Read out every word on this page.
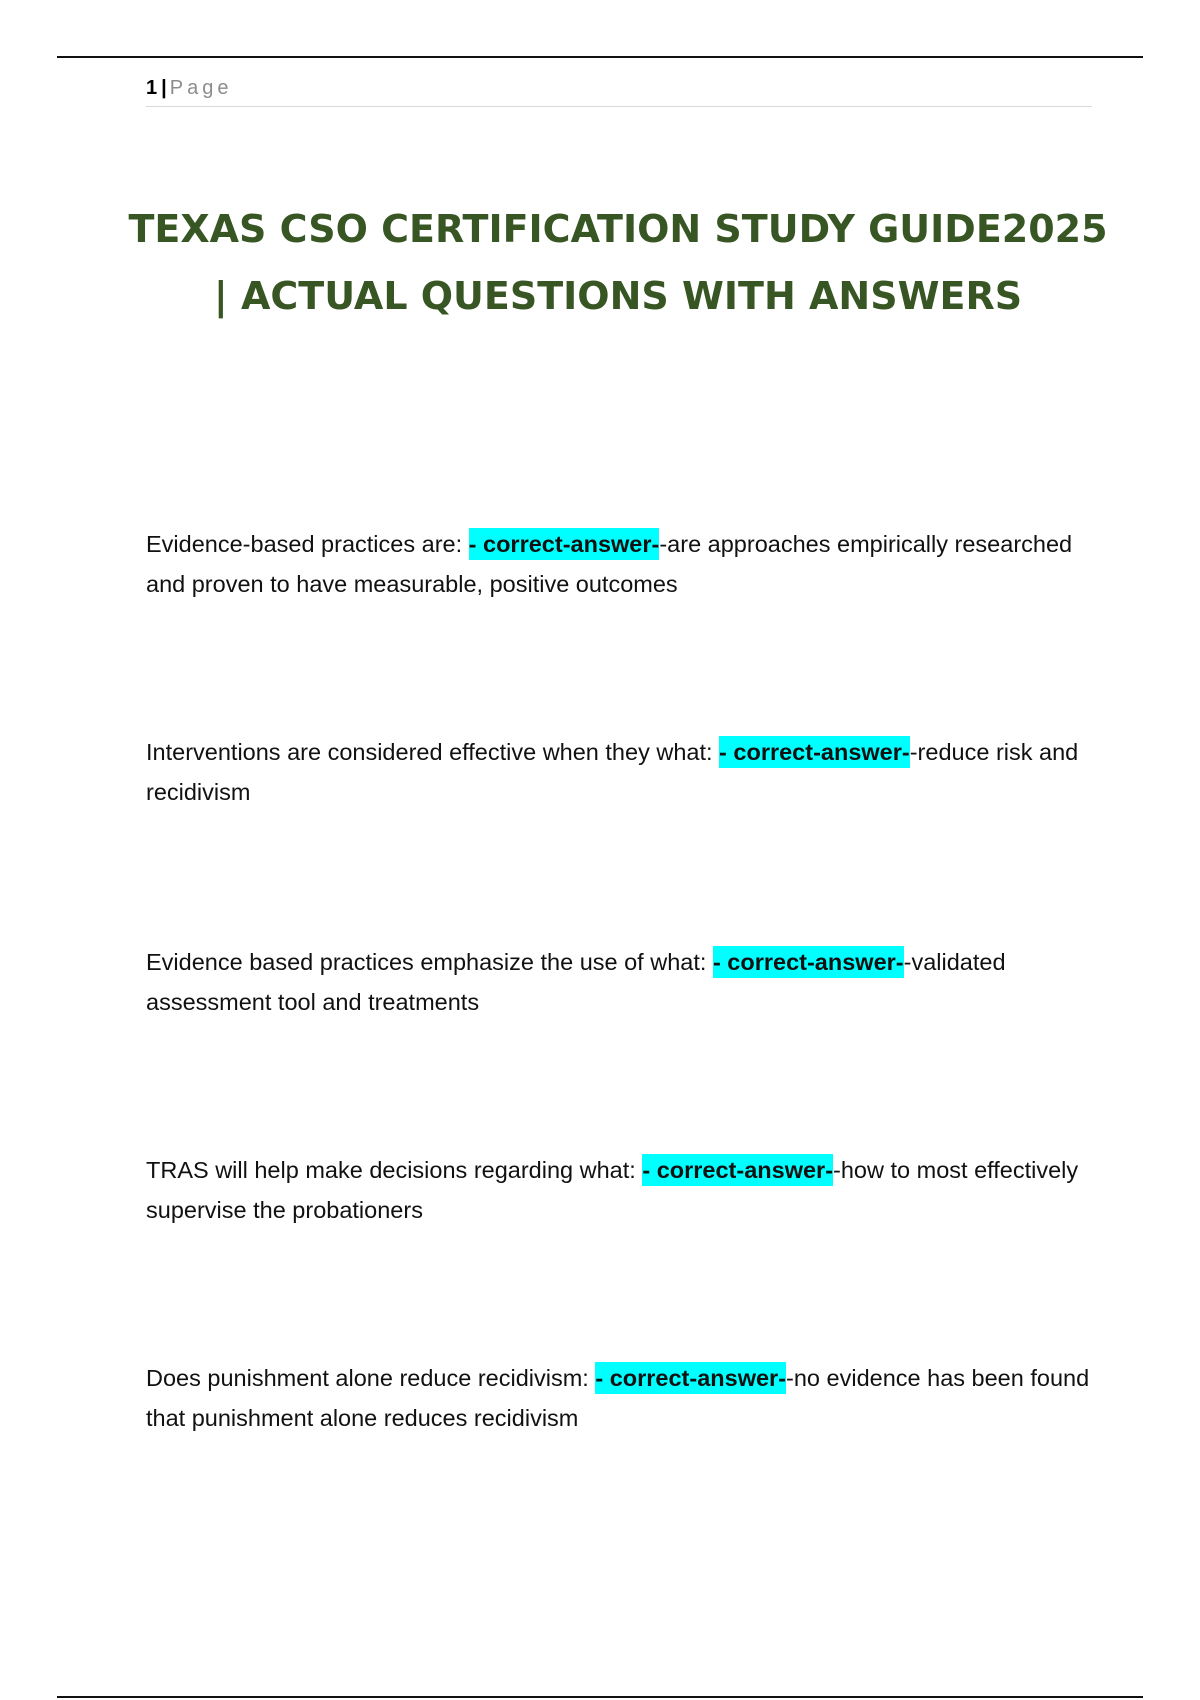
1 | Page
TEXAS CSO CERTIFICATION STUDY GUIDE2025 | ACTUAL QUESTIONS WITH ANSWERS

Evidence-based practices are: - correct-answer--are approaches empirically researched and proven to have measurable, positive outcomes

Interventions are considered effective when they what: - correct-answer--reduce risk and recidivism

Evidence based practices emphasize the use of what: - correct-answer--validated assessment tool and treatments

TRAS will help make decisions regarding what: - correct-answer--how to most effectively supervise the probationers

Does punishment alone reduce recidivism: - correct-answer--no evidence has been found that punishment alone reduces recidivism
